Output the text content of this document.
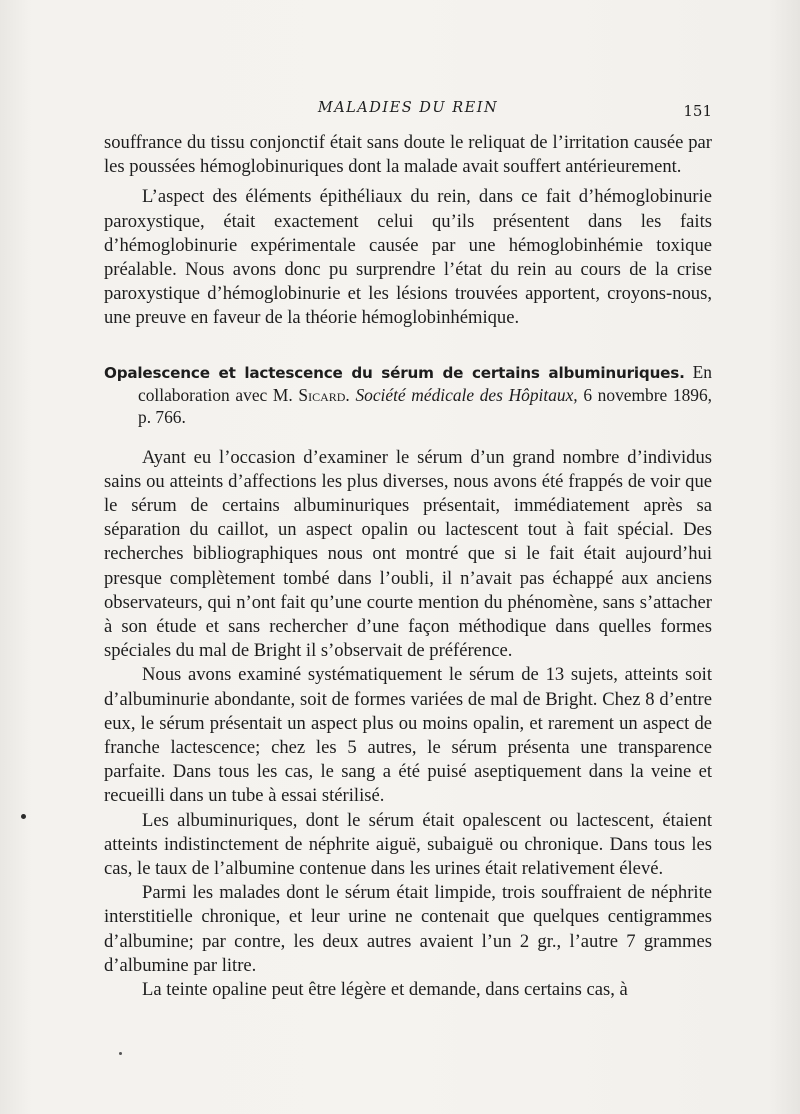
MALADIES DU REIN	151

souffrance du tissu conjonctif était sans doute le reliquat de l’irritation causée par les poussées hémoglobinuriques dont la malade avait souffert antérieurement.

L’aspect des éléments épithéliaux du rein, dans ce fait d’hémoglobinurie paroxystique, était exactement celui qu’ils présentent dans les faits d’hémoglobinurie expérimentale causée par une hémoglobinhémie toxique préalable. Nous avons donc pu surprendre l’état du rein au cours de la crise paroxystique d’hémoglobinurie et les lésions trouvées apportent, croyons-nous, une preuve en faveur de la théorie hémoglobinhémique.

Opalescence et lactescence du sérum de certains albuminuriques. En collaboration avec M. Sicard. Société médicale des Hôpitaux, 6 novembre 1896, p. 766.

Ayant eu l’occasion d’examiner le sérum d’un grand nombre d’individus sains ou atteints d’affections les plus diverses, nous avons été frappés de voir que le sérum de certains albuminuriques présentait, immédiatement après sa séparation du caillot, un aspect opalin ou lactescent tout à fait spécial. Des recherches bibliographiques nous ont montré que si le fait était aujourd’hui presque complètement tombé dans l’oubli, il n’avait pas échappé aux anciens observateurs, qui n’ont fait qu’une courte mention du phénomène, sans s’attacher à son étude et sans rechercher d’une façon méthodique dans quelles formes spéciales du mal de Bright il s’observait de préférence.

Nous avons examiné systématiquement le sérum de 13 sujets, atteints soit d’albuminurie abondante, soit de formes variées de mal de Bright. Chez 8 d’entre eux, le sérum présentait un aspect plus ou moins opalin, et rarement un aspect de franche lactescence; chez les 5 autres, le sérum présenta une transparence parfaite. Dans tous les cas, le sang a été puisé aseptiquement dans la veine et recueilli dans un tube à essai stérilisé.

Les albuminuriques, dont le sérum était opalescent ou lactescent, étaient atteints indistinctement de néphrite aiguë, subaiguë ou chronique. Dans tous les cas, le taux de l’albumine contenue dans les urines était relativement élevé.

Parmi les malades dont le sérum était limpide, trois souffraient de néphrite interstitielle chronique, et leur urine ne contenait que quelques centigrammes d’albumine; par contre, les deux autres avaient l’un 2 gr., l’autre 7 grammes d’albumine par litre.

La teinte opaline peut être légère et demande, dans certains cas, à
